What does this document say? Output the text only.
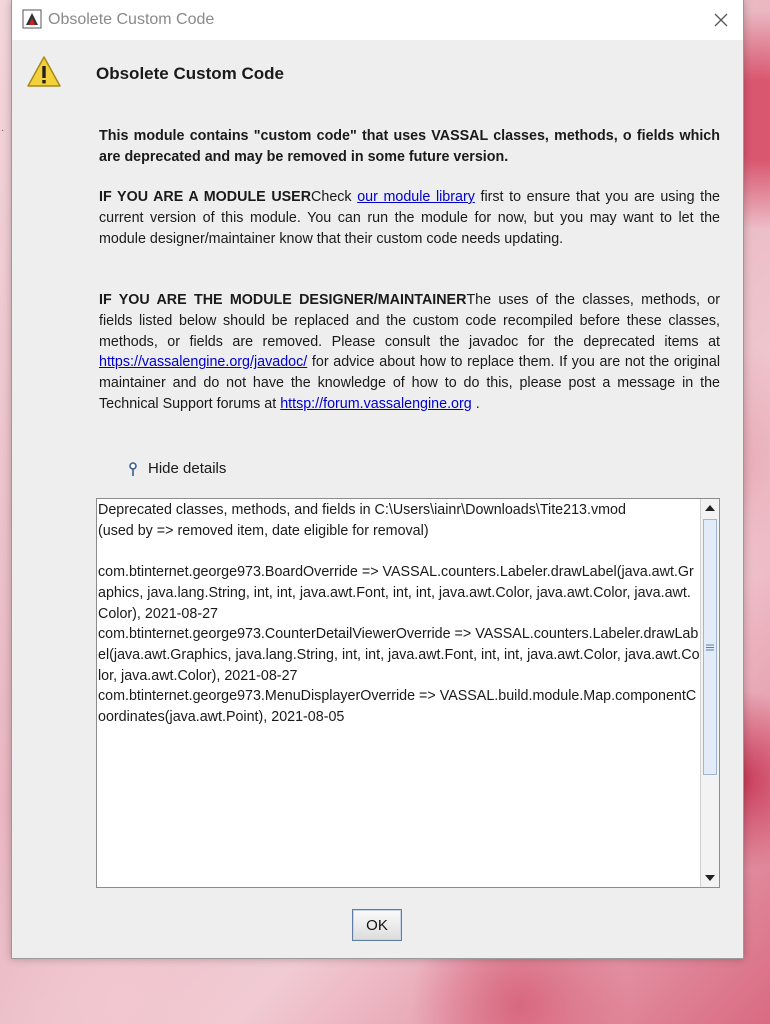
·
Obsolete Custom Code
Obsolete Custom Code

This module contains "custom code" that uses VASSAL classes, methods, o fields which are deprecated and may be removed in some future version.

IF YOU ARE A MODULE USERCheck our module library first to ensure that you are using the current version of this module. You can run the module for now, but you may want to let the module designer/maintainer know that their custom code needs updating.

IF YOU ARE THE MODULE DESIGNER/MAINTAINERThe uses of the classes, methods, or fields listed below should be replaced and the custom code recompiled before these classes, methods, or fields are removed. Please consult the javadoc for the deprecated items at https://vassalengine.org/javadoc/ for advice about how to replace them. If you are not the original maintainer and do not have the knowledge of how to do this, please post a message in the Technical Support forums at httsp://forum.vassalengine.org .

Hide details
Deprecated classes, methods, and fields in C:\Users\iainr\Downloads\Tite213.vmod
(used by => removed item, date eligible for removal)

com.btinternet.george973.BoardOverride => VASSAL.counters.Labeler.drawLabel(java.awt.Graphics, java.lang.String, int, int, java.awt.Font, int, int, java.awt.Color, java.awt.Color, java.awt.Color), 2021-08-27
com.btinternet.george973.CounterDetailViewerOverride => VASSAL.counters.Labeler.drawLabel(java.awt.Graphics, java.lang.String, int, int, java.awt.Font, int, int, java.awt.Color, java.awt.Color, java.awt.Color), 2021-08-27
com.btinternet.george973.MenuDisplayerOverride => VASSAL.build.module.Map.componentCoordinates(java.awt.Point), 2021-08-05
OK
